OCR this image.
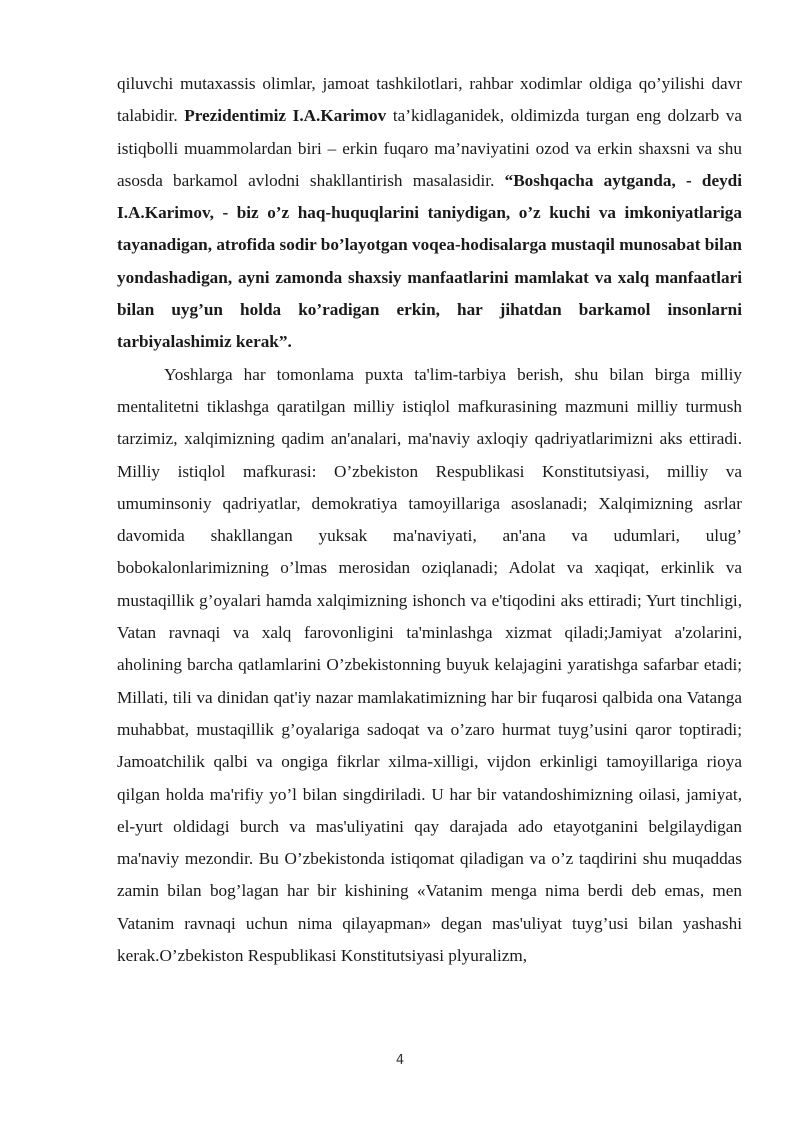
qiluvchi mutaxassis olimlar, jamoat tashkilotlari, rahbar xodimlar oldiga qo’yilishi davr talabidir. Prezidentimiz I.A.Karimov ta’kidlaganidek, oldimizda turgan eng dolzarb va istiqbolli muammolardan biri – erkin fuqaro ma’naviyatini ozod va erkin shaxsni va shu asosda barkamol avlodni shakllantirish masalasidir. “Boshqacha aytganda, - deydi I.A.Karimov, - biz o’z haq-huquqlarini taniydigan, o’z kuchi va imkoniyatlariga tayanadigan, atrofida sodir bo’layotgan voqea-hodisalarga mustaqil munosabat bilan yondashadigan, ayni zamonda shaxsiy manfaatlarini mamlakat va xalq manfaatlari bilan uyg’un holda ko’radigan erkin, har jihatdan barkamol insonlarni tarbiyalashimiz kerak”.

Yoshlarga har tomonlama puxta ta'lim-tarbiya berish, shu bilan birga milliy mentalitetni tiklashga qaratilgan milliy istiqlol mafkurasining mazmuni milliy turmush tarzimiz, xalqimizning qadim an'analari, ma'naviy axloqiy qadriyatlarimizni aks ettiradi. Milliy istiqlol mafkurasi: O’zbekiston Respublikasi Konstitutsiyasi, milliy va umuminsoniy qadriyatlar, demokratiya tamoyillariga asoslanadi; Xalqimizning asrlar davomida shakllangan yuksak ma'naviyati, an'ana va udumlari, ulug’ bobokalonlarimizning o’lmas merosidan oziqlanadi; Adolat va xaqiqat, erkinlik va mustaqillik g’oyalari hamda xalqimizning ishonch va e'tiqodini aks ettiradi; Yurt tinchligi, Vatan ravnaqi va xalq farovonligini ta'minlashga xizmat qiladi;Jamiyat a'zolarini, aholining barcha qatlamlarini O’zbekistonning buyuk kelajagini yaratishga safarbar etadi; Millati, tili va dinidan qat'iy nazar mamlakatimizning har bir fuqarosi qalbida ona Vatanga muhabbat, mustaqillik g’oyalariga sadoqat va o’zaro hurmat tuyg’usini qaror toptiradi; Jamoatchilik qalbi va ongiga fikrlar xilma-xilligi, vijdon erkinligi tamoyillariga rioya qilgan holda ma'rifiy yo’l bilan singdiriladi. U har bir vatandoshimizning oilasi, jamiyat, el-yurt oldidagi burch va mas'uliyatini qay darajada ado etayotganini belgilaydigan ma'naviy mezondir. Bu O’zbekistonda istiqomat qiladigan va o’z taqdirini shu muqaddas zamin bilan bog’lagan har bir kishining «Vatanim menga nima berdi deb emas, men Vatanim ravnaqi uchun nima qilayapman» degan mas'uliyat tuyg’usi bilan yashashi kerak.O’zbekiston Respublikasi Konstitutsiyasi plyuralizm,

4
